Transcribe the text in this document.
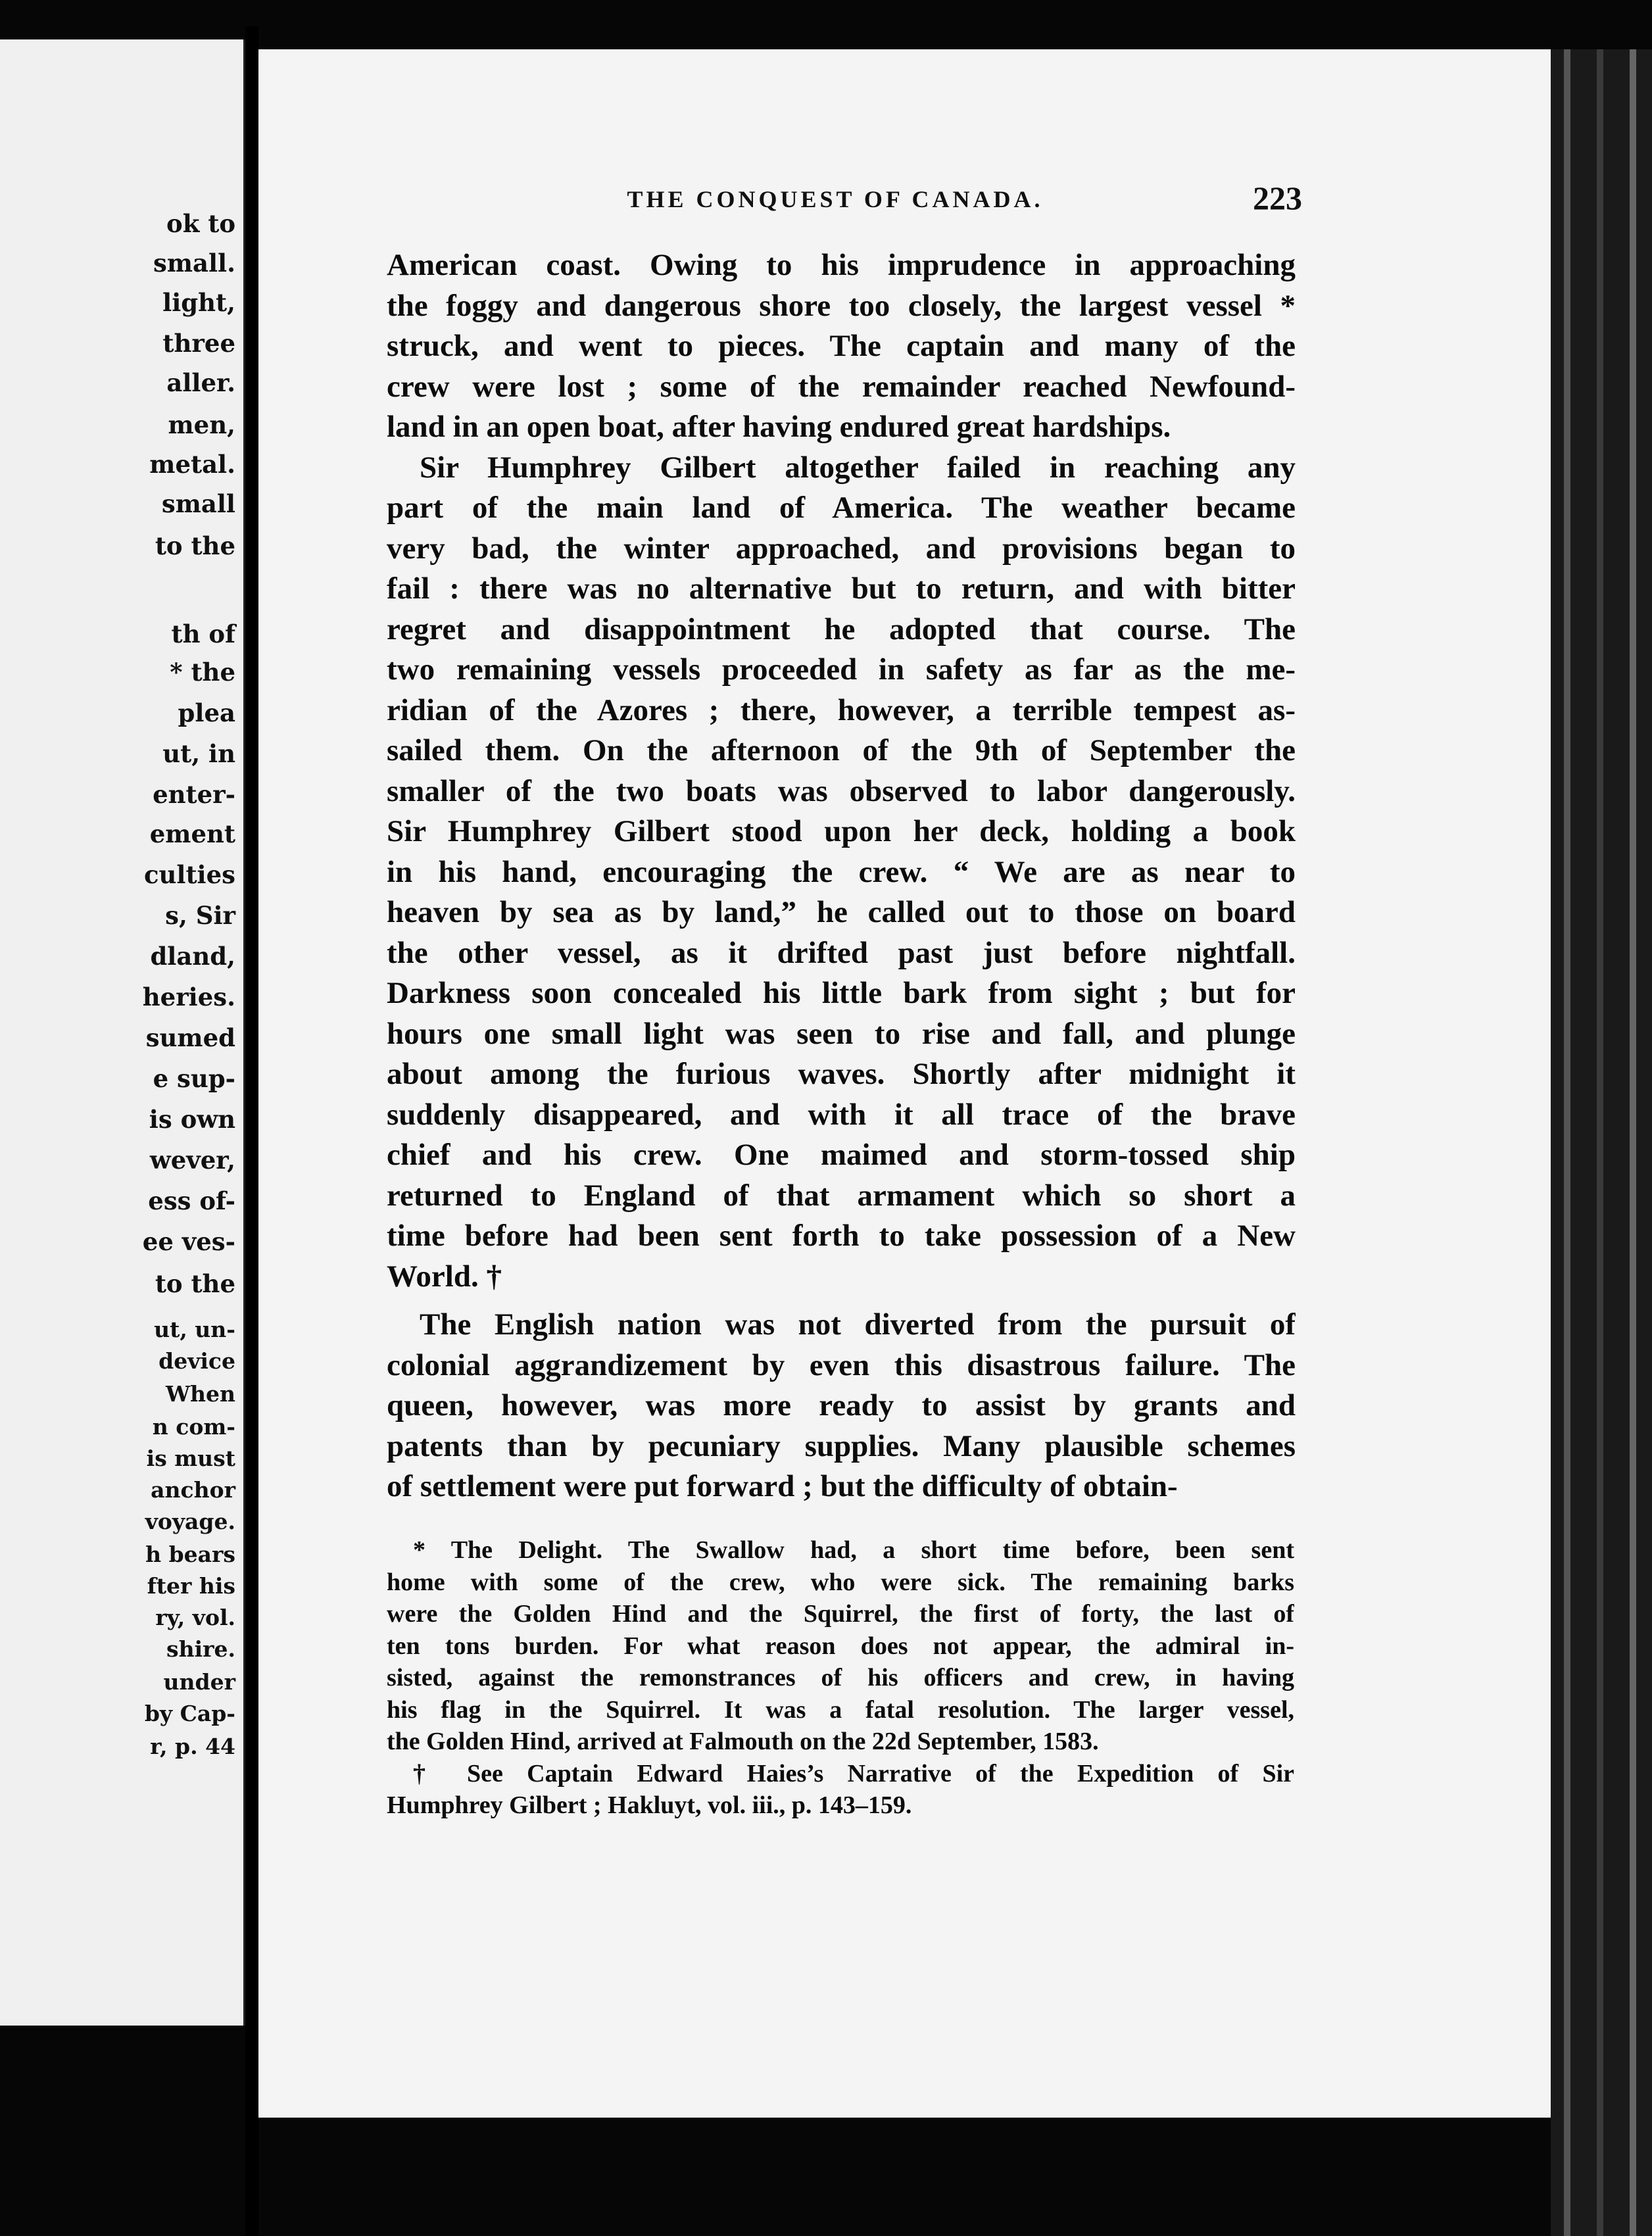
ok to
small.
light,
three
aller.
men,
metal.
small
to the
th of
* the
plea
ut, in
enter-
ement
culties
s, Sir
dland,
heries.
sumed
e sup-
is own
wever,
ess of-
ee ves-
to the
ut, un-
device
When
n com-
is must
anchor
voyage.
h bears
fter his
ry, vol.
shire.
under
by Cap-
r, p. 44
THE CONQUEST OF CANADA.	223
American coast. Owing to his imprudence in approaching
the foggy and dangerous shore too closely, the largest vessel *
struck, and went to pieces. The captain and many of the
crew were lost ; some of the remainder reached Newfound-
land in an open boat, after having endured great hardships.
Sir Humphrey Gilbert altogether failed in reaching any
part of the main land of America. The weather became
very bad, the winter approached, and provisions began to
fail : there was no alternative but to return, and with bitter
regret and disappointment he adopted that course. The
two remaining vessels proceeded in safety as far as the me-
ridian of the Azores ; there, however, a terrible tempest as-
sailed them. On the afternoon of the 9th of September the
smaller of the two boats was observed to labor dangerously.
Sir Humphrey Gilbert stood upon her deck, holding a book
in his hand, encouraging the crew. “ We are as near to
heaven by sea as by land,” he called out to those on board
the other vessel, as it drifted past just before nightfall.
Darkness soon concealed his little bark from sight ; but for
hours one small light was seen to rise and fall, and plunge
about among the furious waves. Shortly after midnight it
suddenly disappeared, and with it all trace of the brave
chief and his crew. One maimed and storm-tossed ship
returned to England of that armament which so short a
time before had been sent forth to take possession of a New
World. †
The English nation was not diverted from the pursuit of
colonial aggrandizement by even this disastrous failure. The
queen, however, was more ready to assist by grants and
patents than by pecuniary supplies. Many plausible schemes
of settlement were put forward ; but the difficulty of obtain-
* The Delight. The Swallow had, a short time before, been sent
home with some of the crew, who were sick. The remaining barks
were the Golden Hind and the Squirrel, the first of forty, the last of
ten tons burden. For what reason does not appear, the admiral in-
sisted, against the remonstrances of his officers and crew, in having
his flag in the Squirrel. It was a fatal resolution. The larger vessel,
the Golden Hind, arrived at Falmouth on the 22d September, 1583.
† See Captain Edward Haies’s Narrative of the Expedition of Sir
Humphrey Gilbert ; Hakluyt, vol. iii., p. 143–159.
